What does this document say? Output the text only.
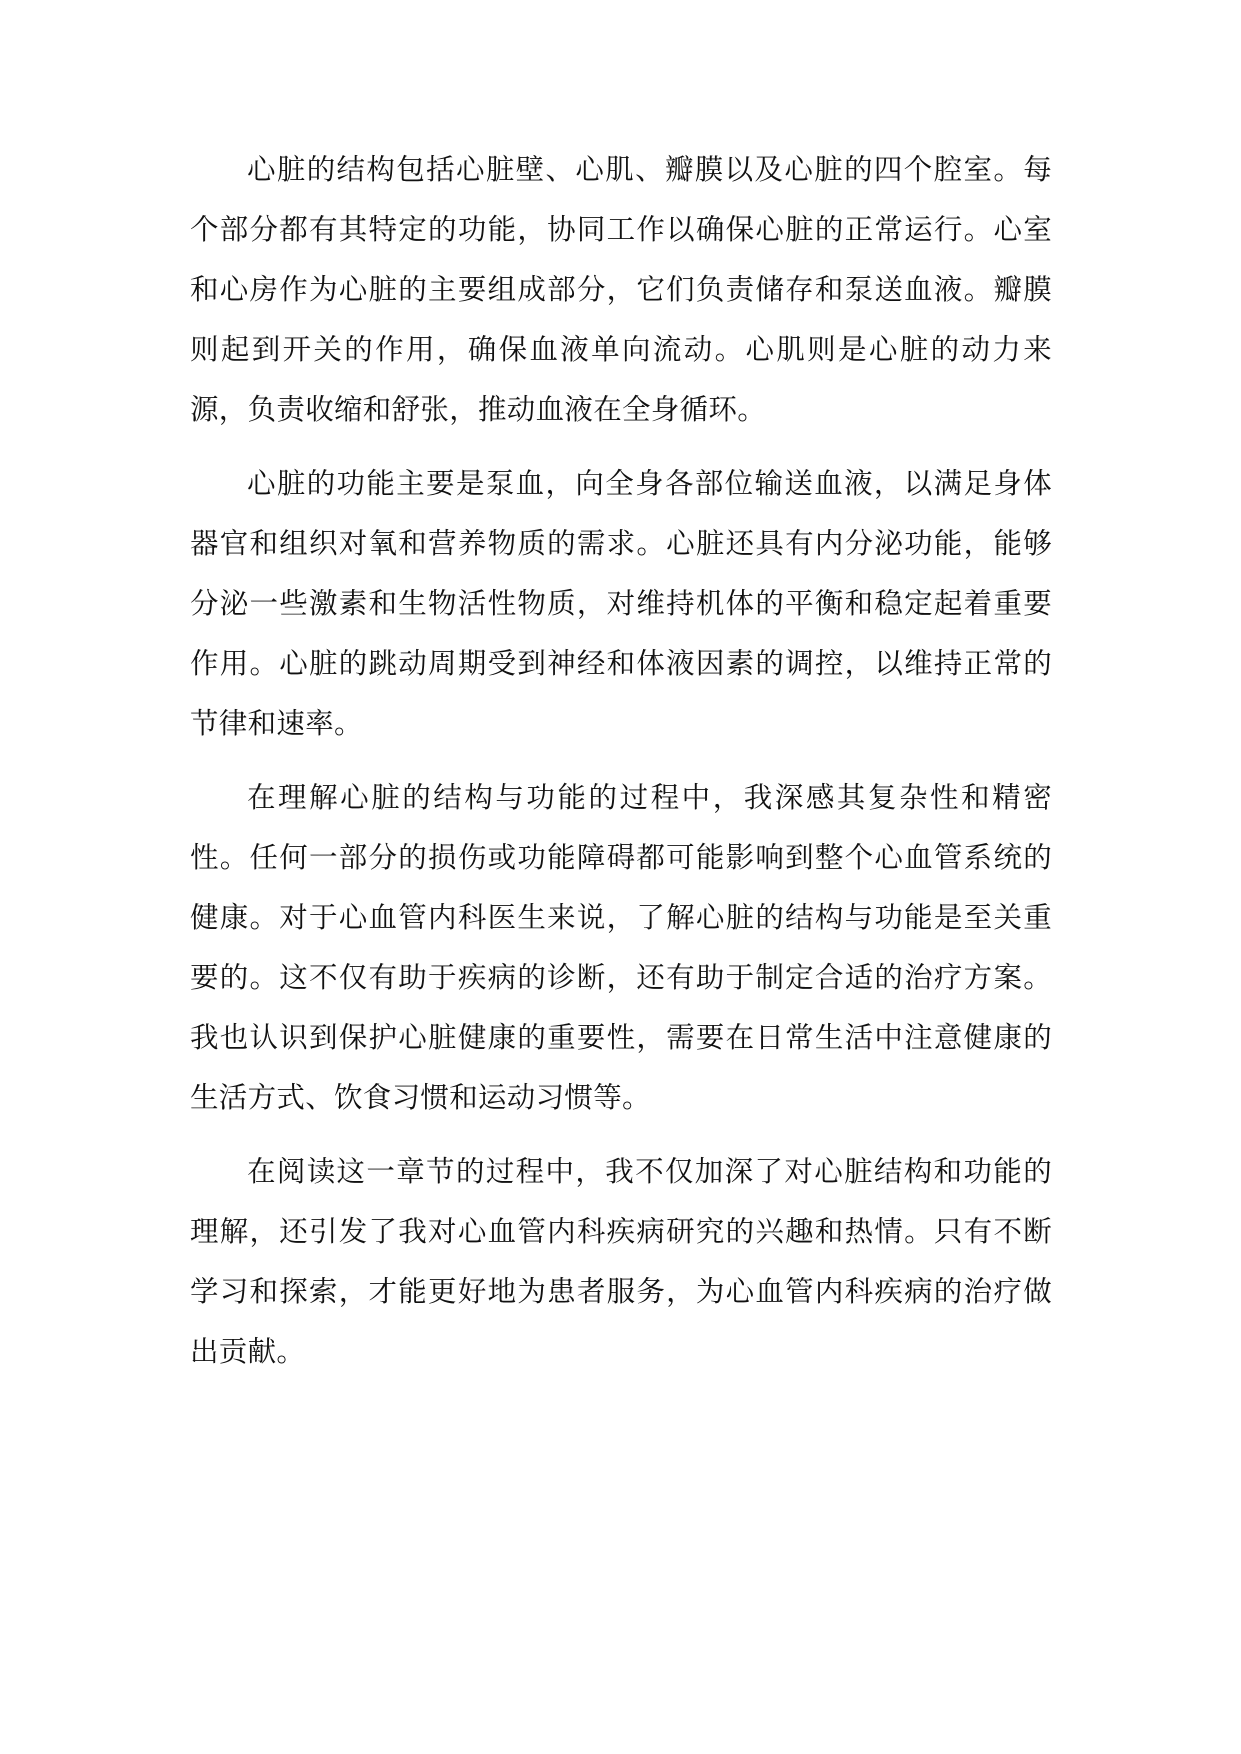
心脏的结构包括心脏壁、心肌、瓣膜以及心脏的四个腔室。每个部分都有其特定的功能，协同工作以确保心脏的正常运行。心室和心房作为心脏的主要组成部分，它们负责储存和泵送血液。瓣膜则起到开关的作用，确保血液单向流动。心肌则是心脏的动力来源，负责收缩和舒张，推动血液在全身循环。

心脏的功能主要是泵血，向全身各部位输送血液，以满足身体器官和组织对氧和营养物质的需求。心脏还具有内分泌功能，能够分泌一些激素和生物活性物质，对维持机体的平衡和稳定起着重要作用。心脏的跳动周期受到神经和体液因素的调控，以维持正常的节律和速率。

在理解心脏的结构与功能的过程中，我深感其复杂性和精密性。任何一部分的损伤或功能障碍都可能影响到整个心血管系统的健康。对于心血管内科医生来说，了解心脏的结构与功能是至关重要的。这不仅有助于疾病的诊断，还有助于制定合适的治疗方案。我也认识到保护心脏健康的重要性，需要在日常生活中注意健康的生活方式、饮食习惯和运动习惯等。

在阅读这一章节的过程中，我不仅加深了对心脏结构和功能的理解，还引发了我对心血管内科疾病研究的兴趣和热情。只有不断学习和探索，才能更好地为患者服务，为心血管内科疾病的治疗做出贡献。
